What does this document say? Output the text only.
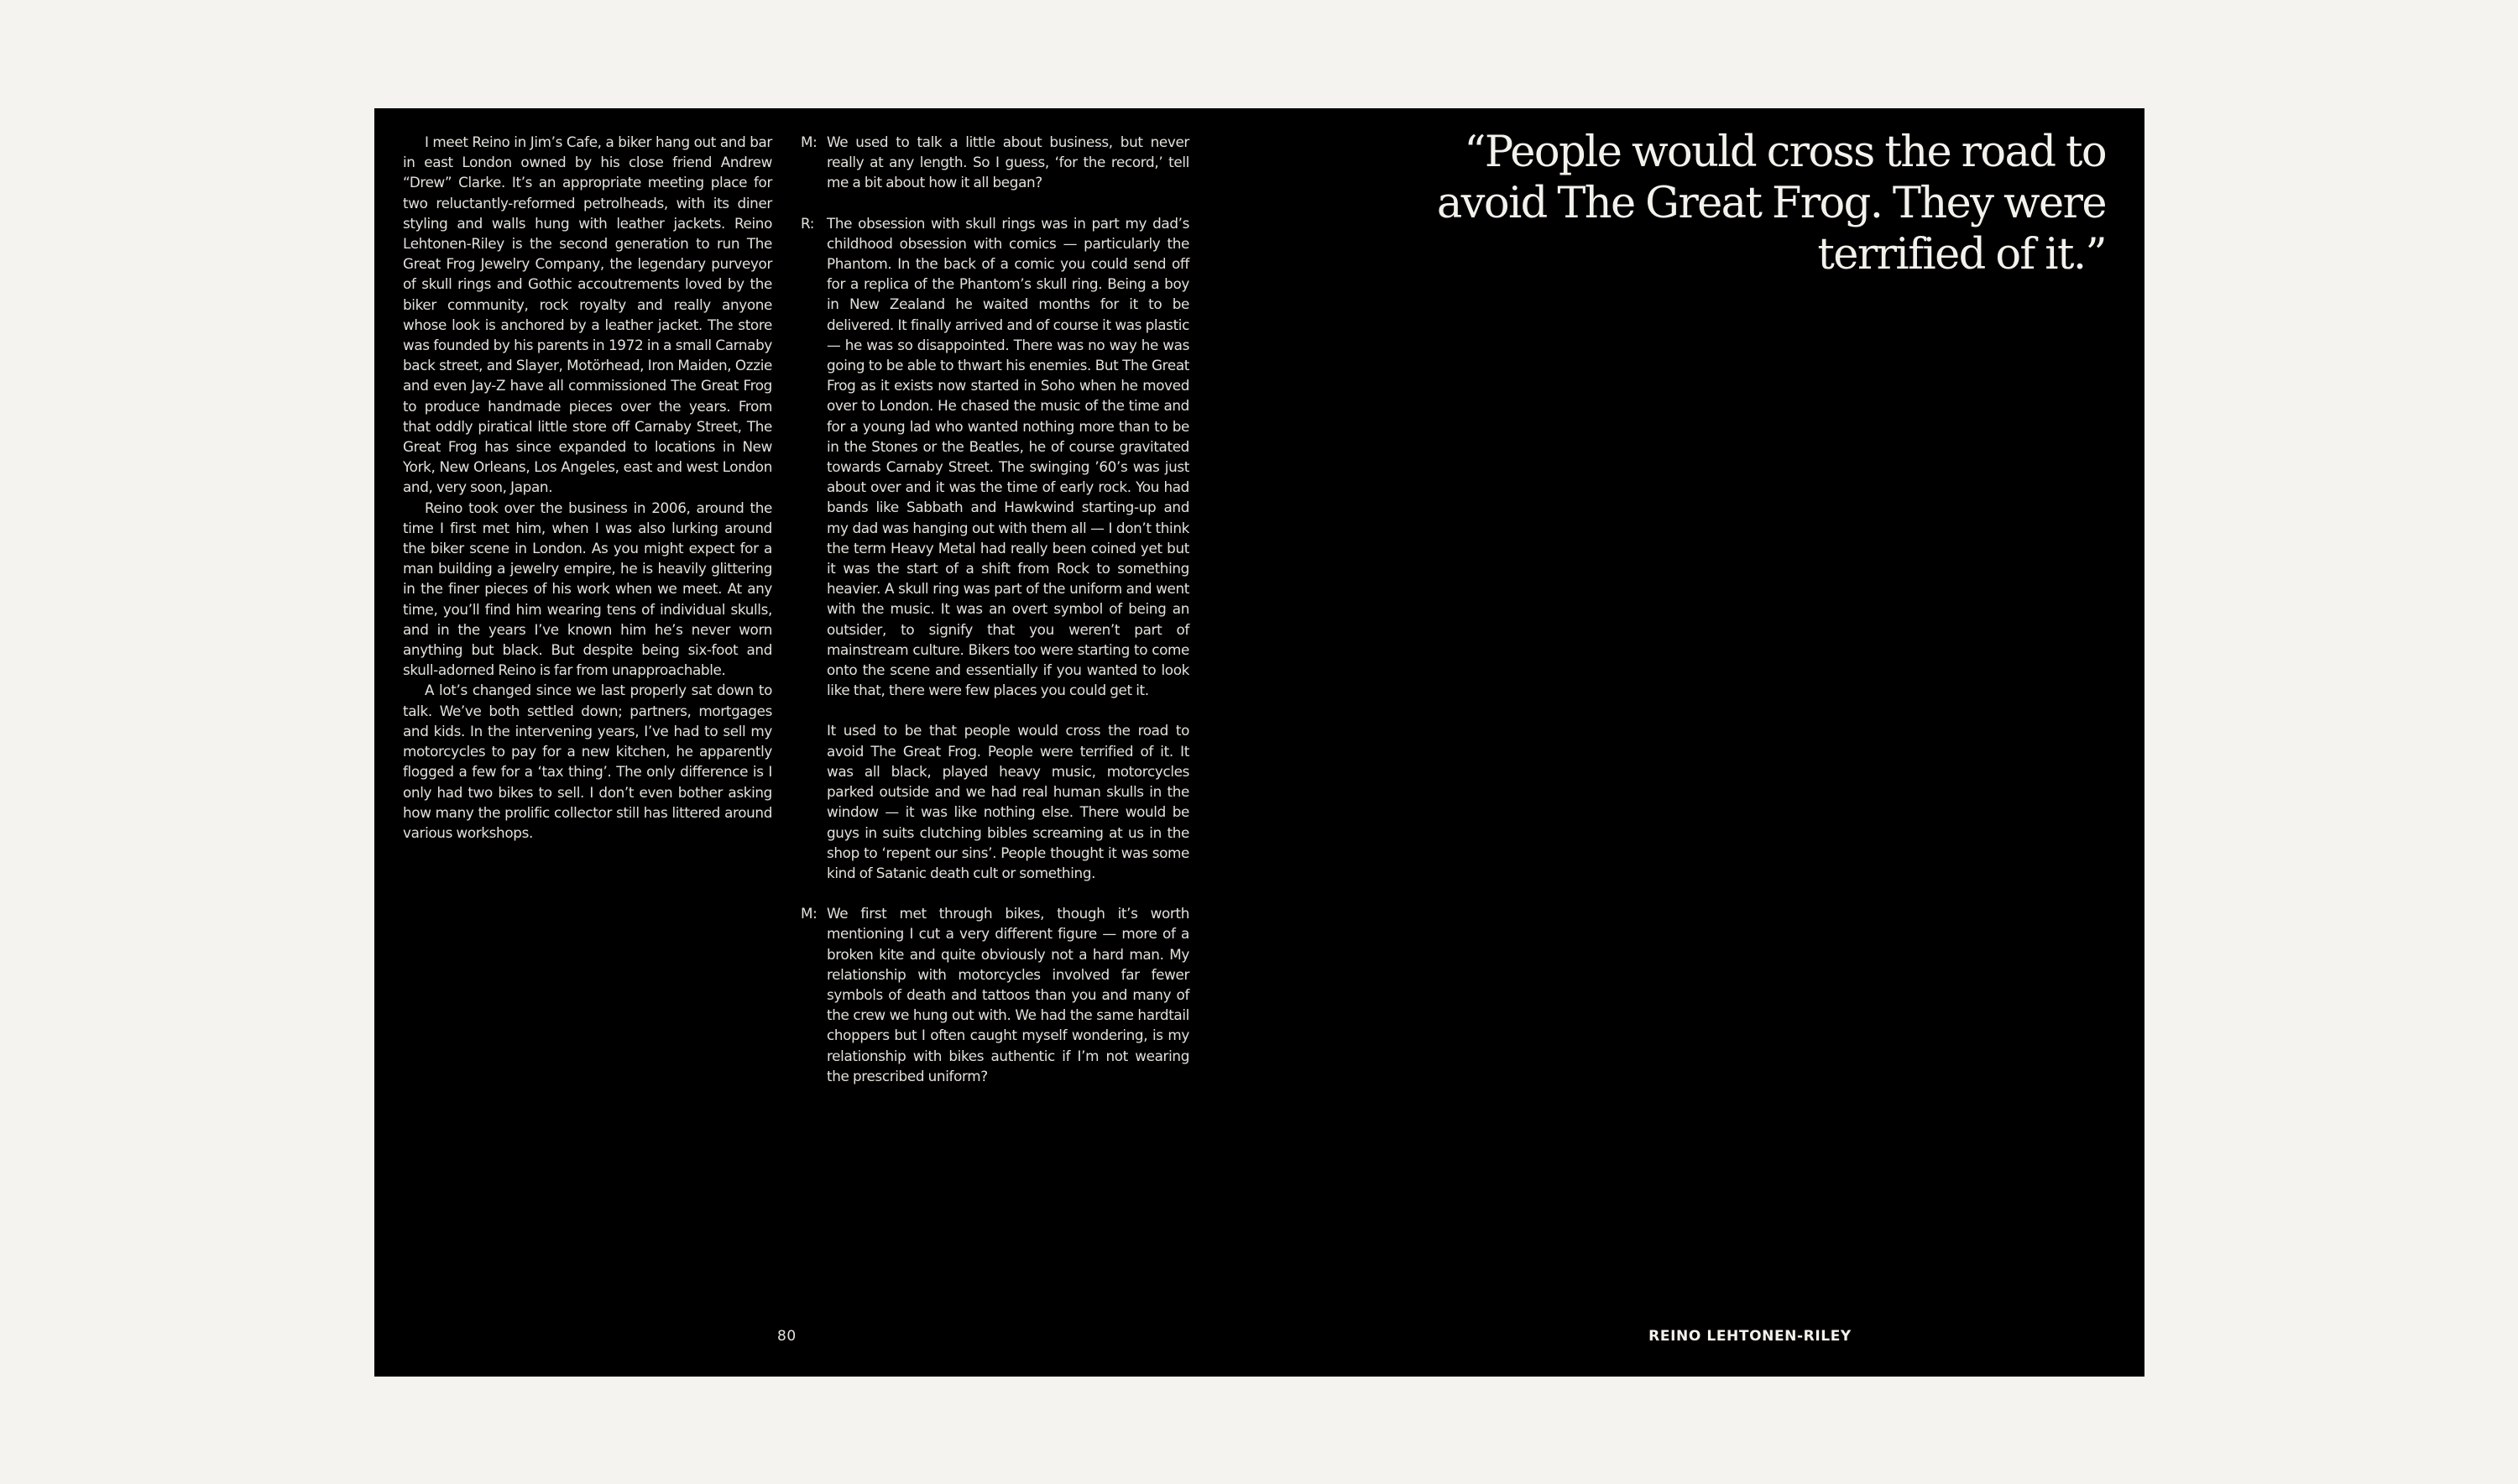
I meet Reino in Jim’s Cafe, a biker hang out and bar in east London owned by his close friend Andrew “Drew” Clarke. It’s an appropriate meeting place for two reluctantly-reformed petrolheads, with its diner styling and walls hung with leather jackets. Reino Lehtonen-Riley is the second generation to run The Great Frog Jewelry Company, the legendary purveyor of skull rings and Gothic accoutrements loved by the biker community, rock royalty and really anyone whose look is anchored by a leather jacket. The store was founded by his parents in 1972 in a small Carnaby back street, and Slayer, Motörhead, Iron Maiden, Ozzie and even Jay-Z have all commissioned The Great Frog to produce handmade pieces over the years. From that oddly piratical little store off Carnaby Street, The Great Frog has since expanded to locations in New York, New Orleans, Los Angeles, east and west London and, very soon, Japan.

Reino took over the business in 2006, around the time I first met him, when I was also lurking around the biker scene in London. As you might expect for a man building a jewelry empire, he is heavily glittering in the finer pieces of his work when we meet. At any time, you’ll find him wearing tens of individual skulls, and in the years I’ve known him he’s never worn anything but black. But despite being six-foot and skull-adorned Reino is far from unapproachable.

A lot’s changed since we last properly sat down to talk. We’ve both settled down; partners, mortgages and kids. In the intervening years, I’ve had to sell my motorcycles to pay for a new kitchen, he apparently flogged a few for a ‘tax thing’. The only difference is I only had two bikes to sell. I don’t even bother asking how many the prolific collector still has littered around various workshops.

M: We used to talk a little about business, but never really at any length. So I guess, ‘for the record,’ tell me a bit about how it all began?
R: The obsession with skull rings was in part my dad’s childhood obsession with comics — particularly the Phantom. In the back of a comic you could send off for a replica of the Phantom’s skull ring. Being a boy in New Zealand he waited months for it to be delivered. It finally arrived and of course it was plastic — he was so disappointed. There was no way he was going to be able to thwart his enemies. But The Great Frog as it exists now started in Soho when he moved over to London. He chased the music of the time and for a young lad who wanted nothing more than to be in the Stones or the Beatles, he of course gravitated towards Carnaby Street. The swinging ’60’s was just about over and it was the time of early rock. You had bands like Sabbath and Hawkwind starting-up and my dad was hanging out with them all — I don’t think the term Heavy Metal had really been coined yet but it was the start of a shift from Rock to something heavier. A skull ring was part of the uniform and went with the music. It was an overt symbol of being an outsider, to signify that you weren’t part of mainstream culture. Bikers too were starting to come onto the scene and essentially if you wanted to look like that, there were few places you could get it.
It used to be that people would cross the road to avoid The Great Frog. People were terrified of it. It was all black, played heavy music, motorcycles parked outside and we had real human skulls in the window — it was like nothing else. There would be guys in suits clutching bibles screaming at us in the shop to ‘repent our sins’. People thought it was some kind of Satanic death cult or something.
M: We first met through bikes, though it’s worth mentioning I cut a very different figure — more of a broken kite and quite obviously not a hard man. My relationship with motorcycles involved far fewer symbols of death and tattoos than you and many of the crew we hung out with. We had the same hardtail choppers but I often caught myself wondering, is my relationship with bikes authentic if I’m not wearing the prescribed uniform?
80

“People would cross the road to avoid The Great Frog. They were terrified of it.”

REINO LEHTONEN-RILEY
